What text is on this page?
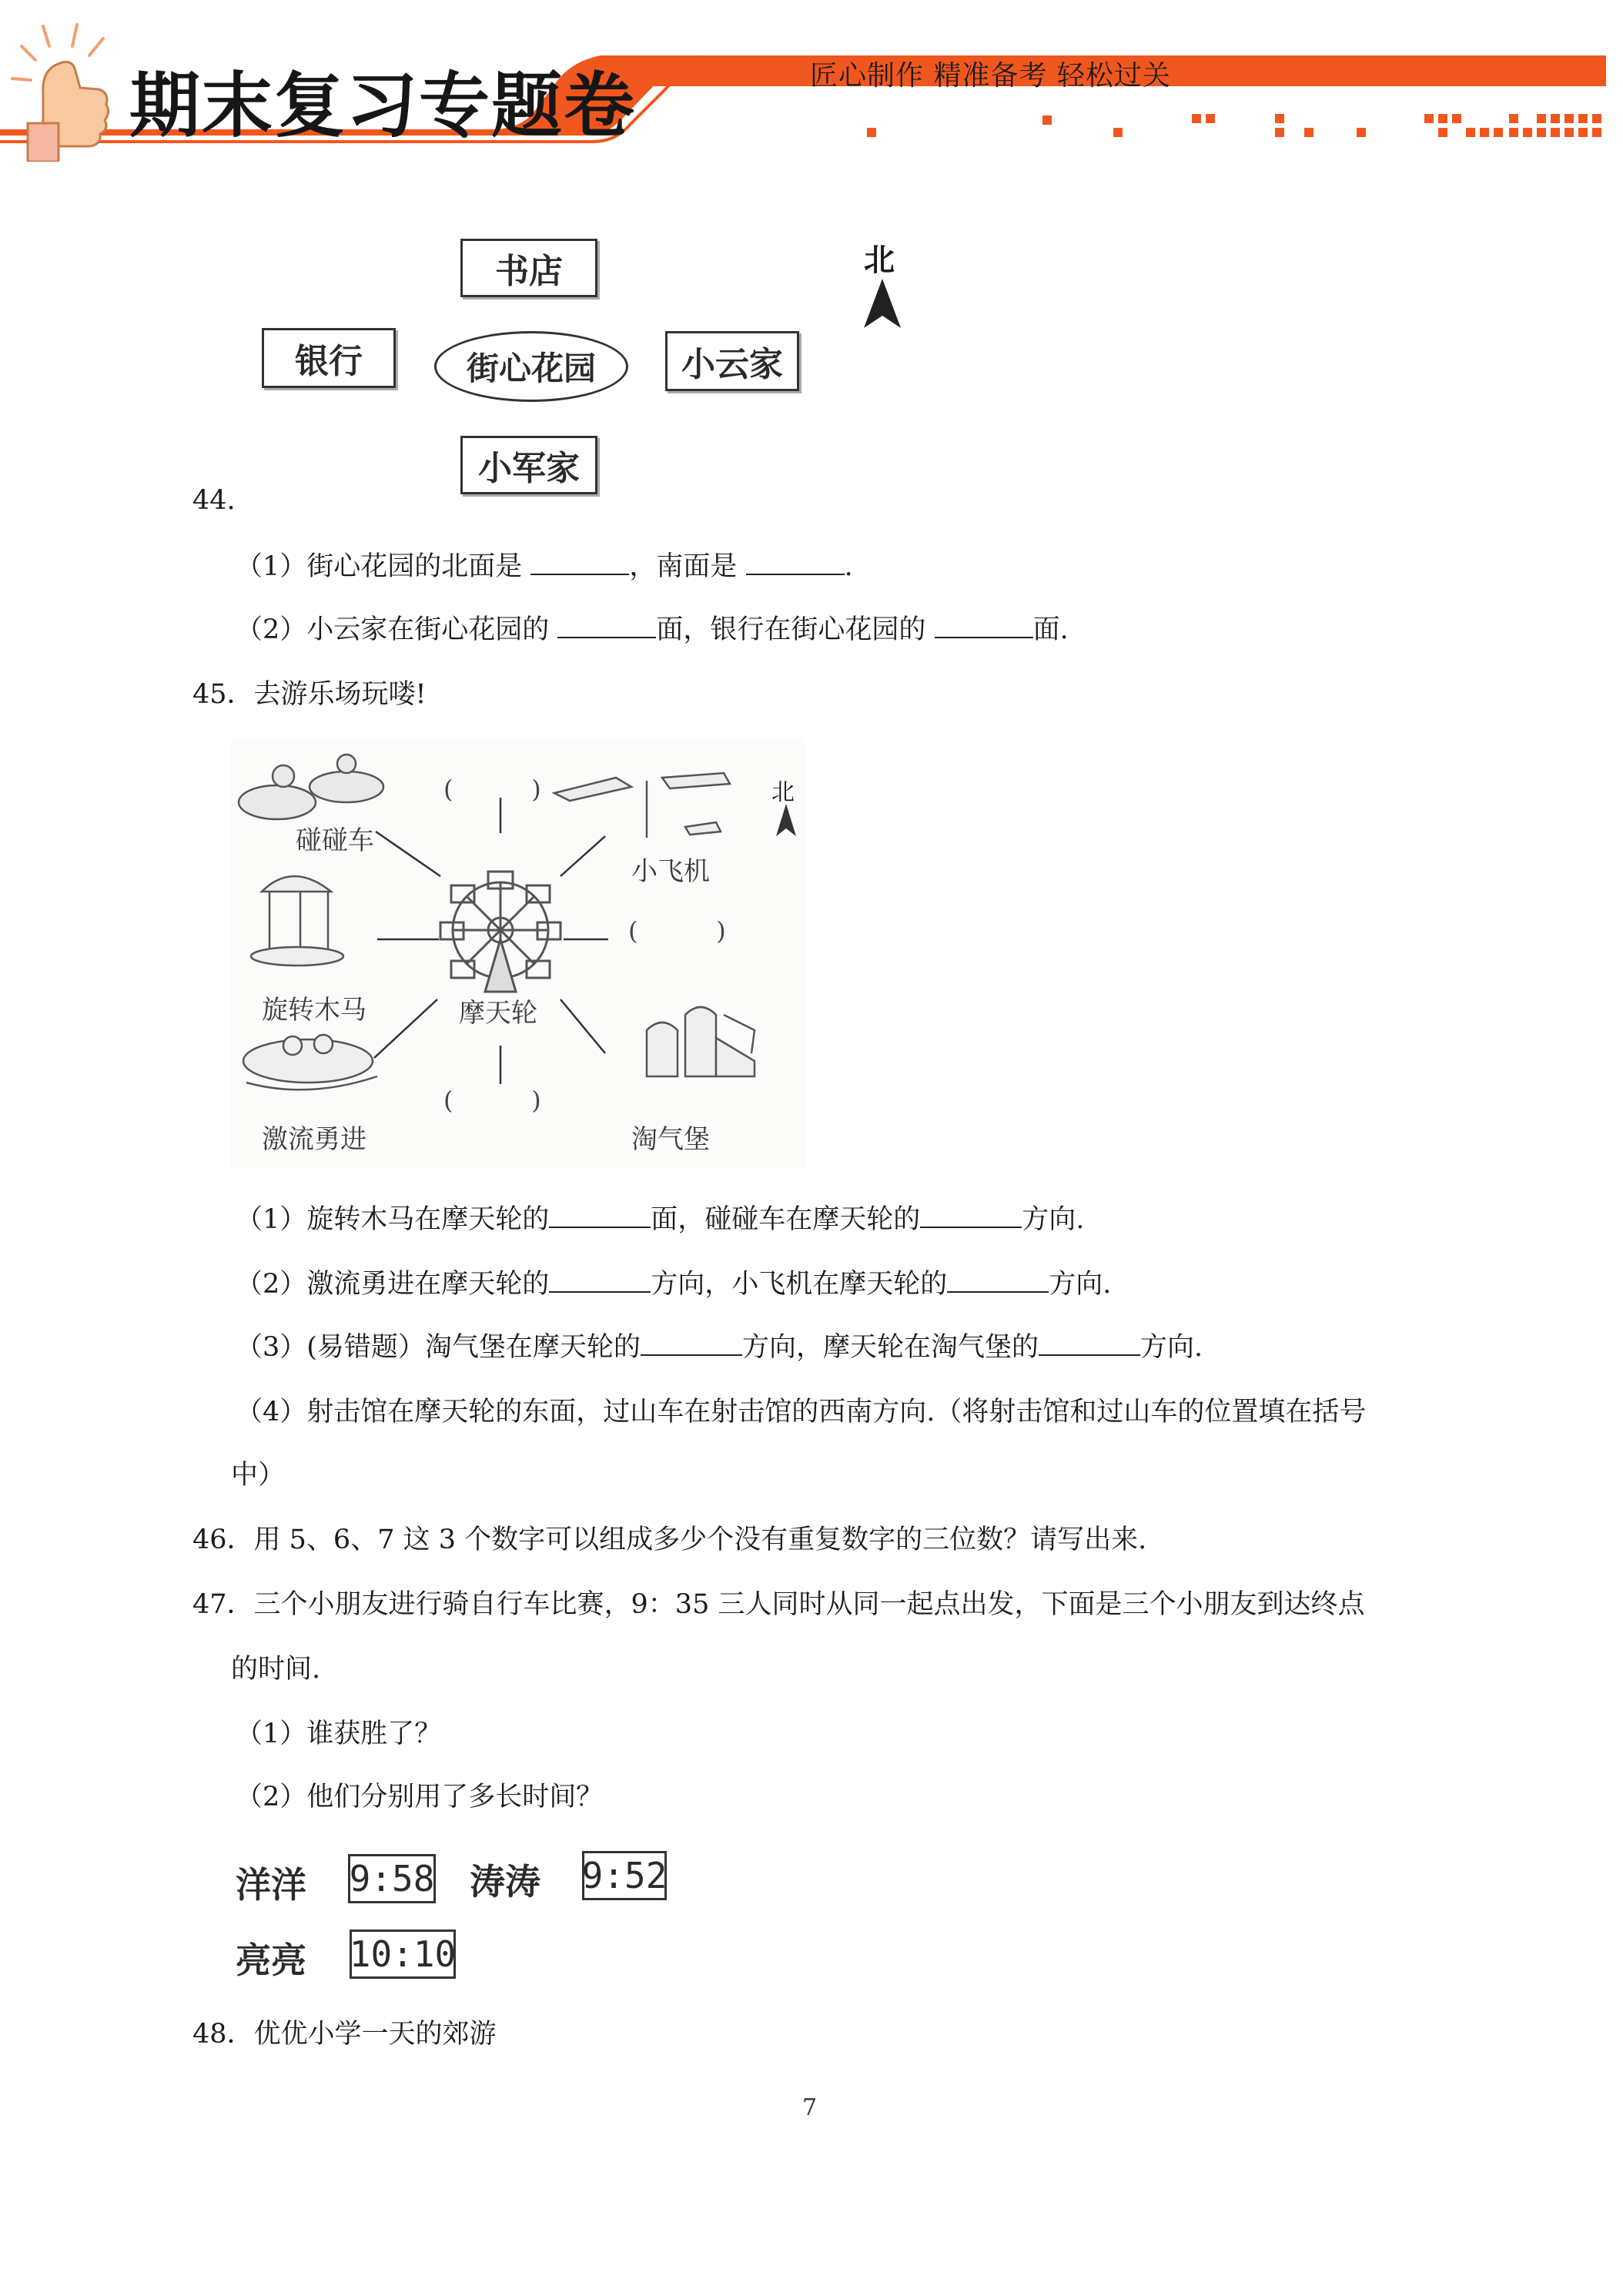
期末复习专题卷	匠心制作 精准备考 轻松过关
书店
银行	街心花园	小云家
小军家
北
44.
（1）街心花园的北面是	，南面是	.
（2）小云家在街心花园的	面，银行在街心花园的	面.
45．去游乐场玩喽!
碰碰车
小飞机
旋转木马	摩天轮
激流勇进	淘气堡
(          )
(          )
(          )
北
（1）旋转木马在摩天轮的	面，碰碰车在摩天轮的	方向.
（2）激流勇进在摩天轮的	方向，小飞机在摩天轮的	方向.
（3）(易错题）淘气堡在摩天轮的	方向，摩天轮在淘气堡的	方向.
（4）射击馆在摩天轮的东面，过山车在射击馆的西南方向.（将射击馆和过山车的位置填在括号
中）
46．用 5、6、7 这 3 个数字可以组成多少个没有重复数字的三位数？请写出来.
47．三个小朋友进行骑自行车比赛，9：35 三人同时从同一起点出发，下面是三个小朋友到达终点
的时间.
（1）谁获胜了？
（2）他们分别用了多长时间？
洋洋 9:58 涛涛 9:52
亮亮 10:10
48．优优小学一天的郊游
7
